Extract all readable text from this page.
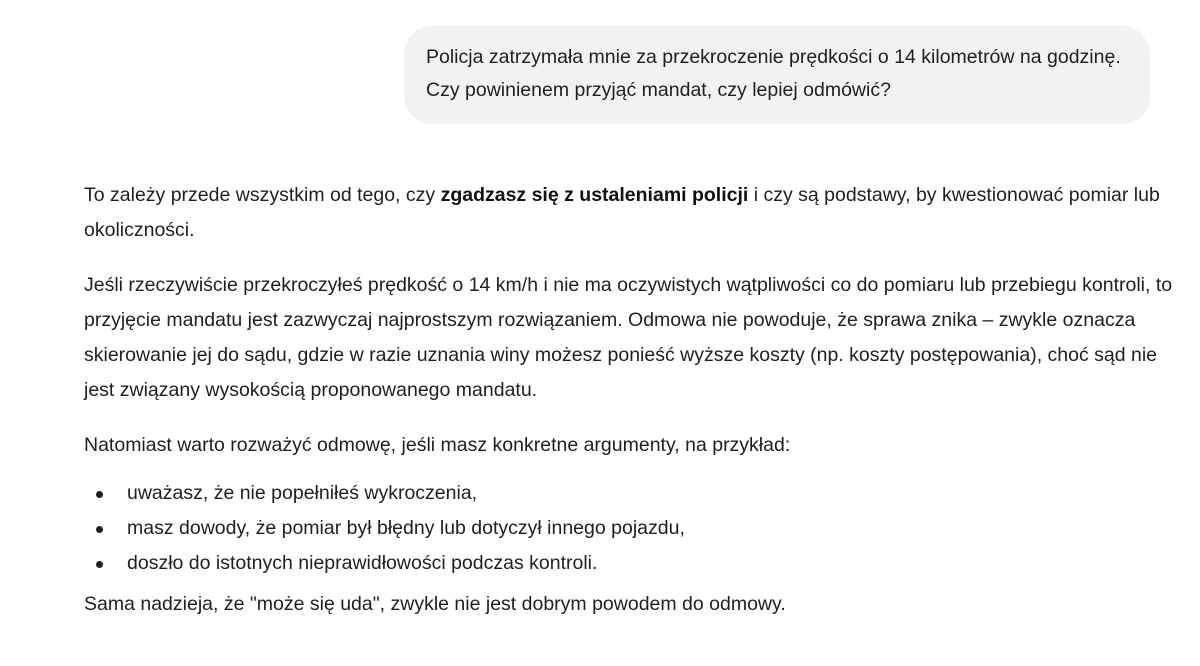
Policja zatrzymała mnie za przekroczenie prędkości o 14 kilometrów na godzinę. Czy powinienem przyjąć mandat, czy lepiej odmówić?

To zależy przede wszystkim od tego, czy zgadzasz się z ustaleniami policji i czy są podstawy, by kwestionować pomiar lub okoliczności.

Jeśli rzeczywiście przekroczyłeś prędkość o 14 km/h i nie ma oczywistych wątpliwości co do pomiaru lub przebiegu kontroli, to przyjęcie mandatu jest zazwyczaj najprostszym rozwiązaniem. Odmowa nie powoduje, że sprawa znika – zwykle oznacza skierowanie jej do sądu, gdzie w razie uznania winy możesz ponieść wyższe koszty (np. koszty postępowania), choć sąd nie jest związany wysokością proponowanego mandatu.

Natomiast warto rozważyć odmowę, jeśli masz konkretne argumenty, na przykład:

uważasz, że nie popełniłeś wykroczenia,
masz dowody, że pomiar był błędny lub dotyczył innego pojazdu,
doszło do istotnych nieprawidłowości podczas kontroli.

Sama nadzieja, że "może się uda", zwykle nie jest dobrym powodem do odmowy.
